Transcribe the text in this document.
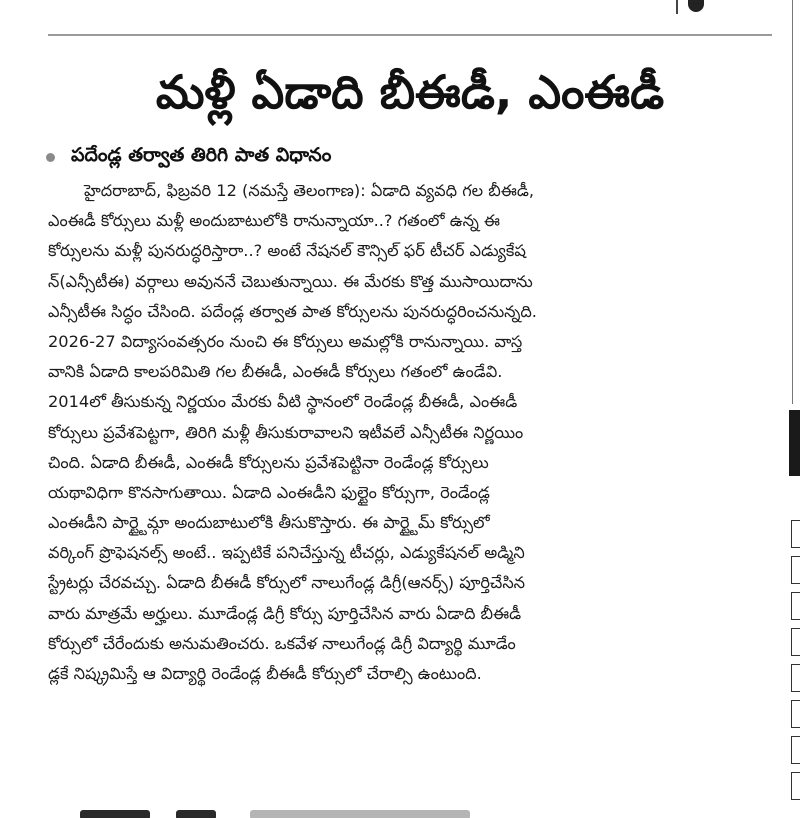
మళ్లీ ఏడాది బీఈడీ, ఎంఈడీ
పదేండ్ల తర్వాత తిరిగి పాత విధానం
హైదరాబాద్, ఫిబ్రవరి 12 (నమస్తే తెలంగాణ): ఏడాది వ్యవధి గల బీఈడీ,
ఎంఈడీ కోర్సులు మళ్లీ అందుబాటులోకి రానున్నాయా..? గతంలో ఉన్న ఈ
కోర్సులను మళ్లీ పునరుద్ధరిస్తారా..? అంటే నేషనల్ కౌన్సిల్ ఫర్ టీచర్ ఎడ్యుకేష
న్(ఎన్సీటీఈ) వర్గాలు అవుననే చెబుతున్నాయి. ఈ మేరకు కొత్త ముసాయిదాను
ఎన్సీటీఈ సిద్ధం చేసింది. పదేండ్ల తర్వాత పాత కోర్సులను పునరుద్ధరించనున్నది.
2026-27 విద్యాసంవత్సరం నుంచి ఈ కోర్సులు అమల్లోకి రానున్నాయి. వాస్త
వానికి ఏడాది కాలపరిమితి గల బీఈడీ, ఎంఈడీ కోర్సులు గతంలో ఉండేవి.
2014లో తీసుకున్న నిర్ణయం మేరకు వీటి స్థానంలో రెండేండ్ల బీఈడీ, ఎంఈడీ
కోర్సులు ప్రవేశపెట్టగా, తిరిగి మళ్లీ తీసుకురావాలని ఇటీవలే ఎన్సీటీఈ నిర్ణయిం
చింది. ఏడాది బీఈడీ, ఎంఈడీ కోర్సులను ప్రవేశపెట్టినా రెండేండ్ల కోర్సులు
యథావిధిగా కొనసాగుతాయి. ఏడాది ఎంఈడీని ఫుల్టైం కోర్సుగా, రెండేండ్ల
ఎంఈడీని పార్ట్టైమ్గా అందుబాటులోకి తీసుకొస్తారు. ఈ పార్ట్టైమ్ కోర్సులో
వర్కింగ్ ప్రొఫెషనల్స్ అంటే.. ఇప్పటికే పనిచేస్తున్న టీచర్లు, ఎడ్యుకేషనల్ అడ్మిని
స్ట్రేటర్లు చేరవచ్చు. ఏడాది బీఈడీ కోర్సులో నాలుగేండ్ల డిగ్రీ(ఆనర్స్) పూర్తిచేసిన
వారు మాత్రమే అర్హులు. మూడేండ్ల డిగ్రీ కోర్సు పూర్తిచేసిన వారు ఏడాది బీఈడీ
కోర్సులో చేరేందుకు అనుమతించరు. ఒకవేళ నాలుగేండ్ల డిగ్రీ విద్యార్థి మూడేం
డ్లకే నిష్క్రమిస్తే ఆ విద్యార్థి రెండేండ్ల బీఈడీ కోర్సులో చేరాల్సి ఉంటుంది.
